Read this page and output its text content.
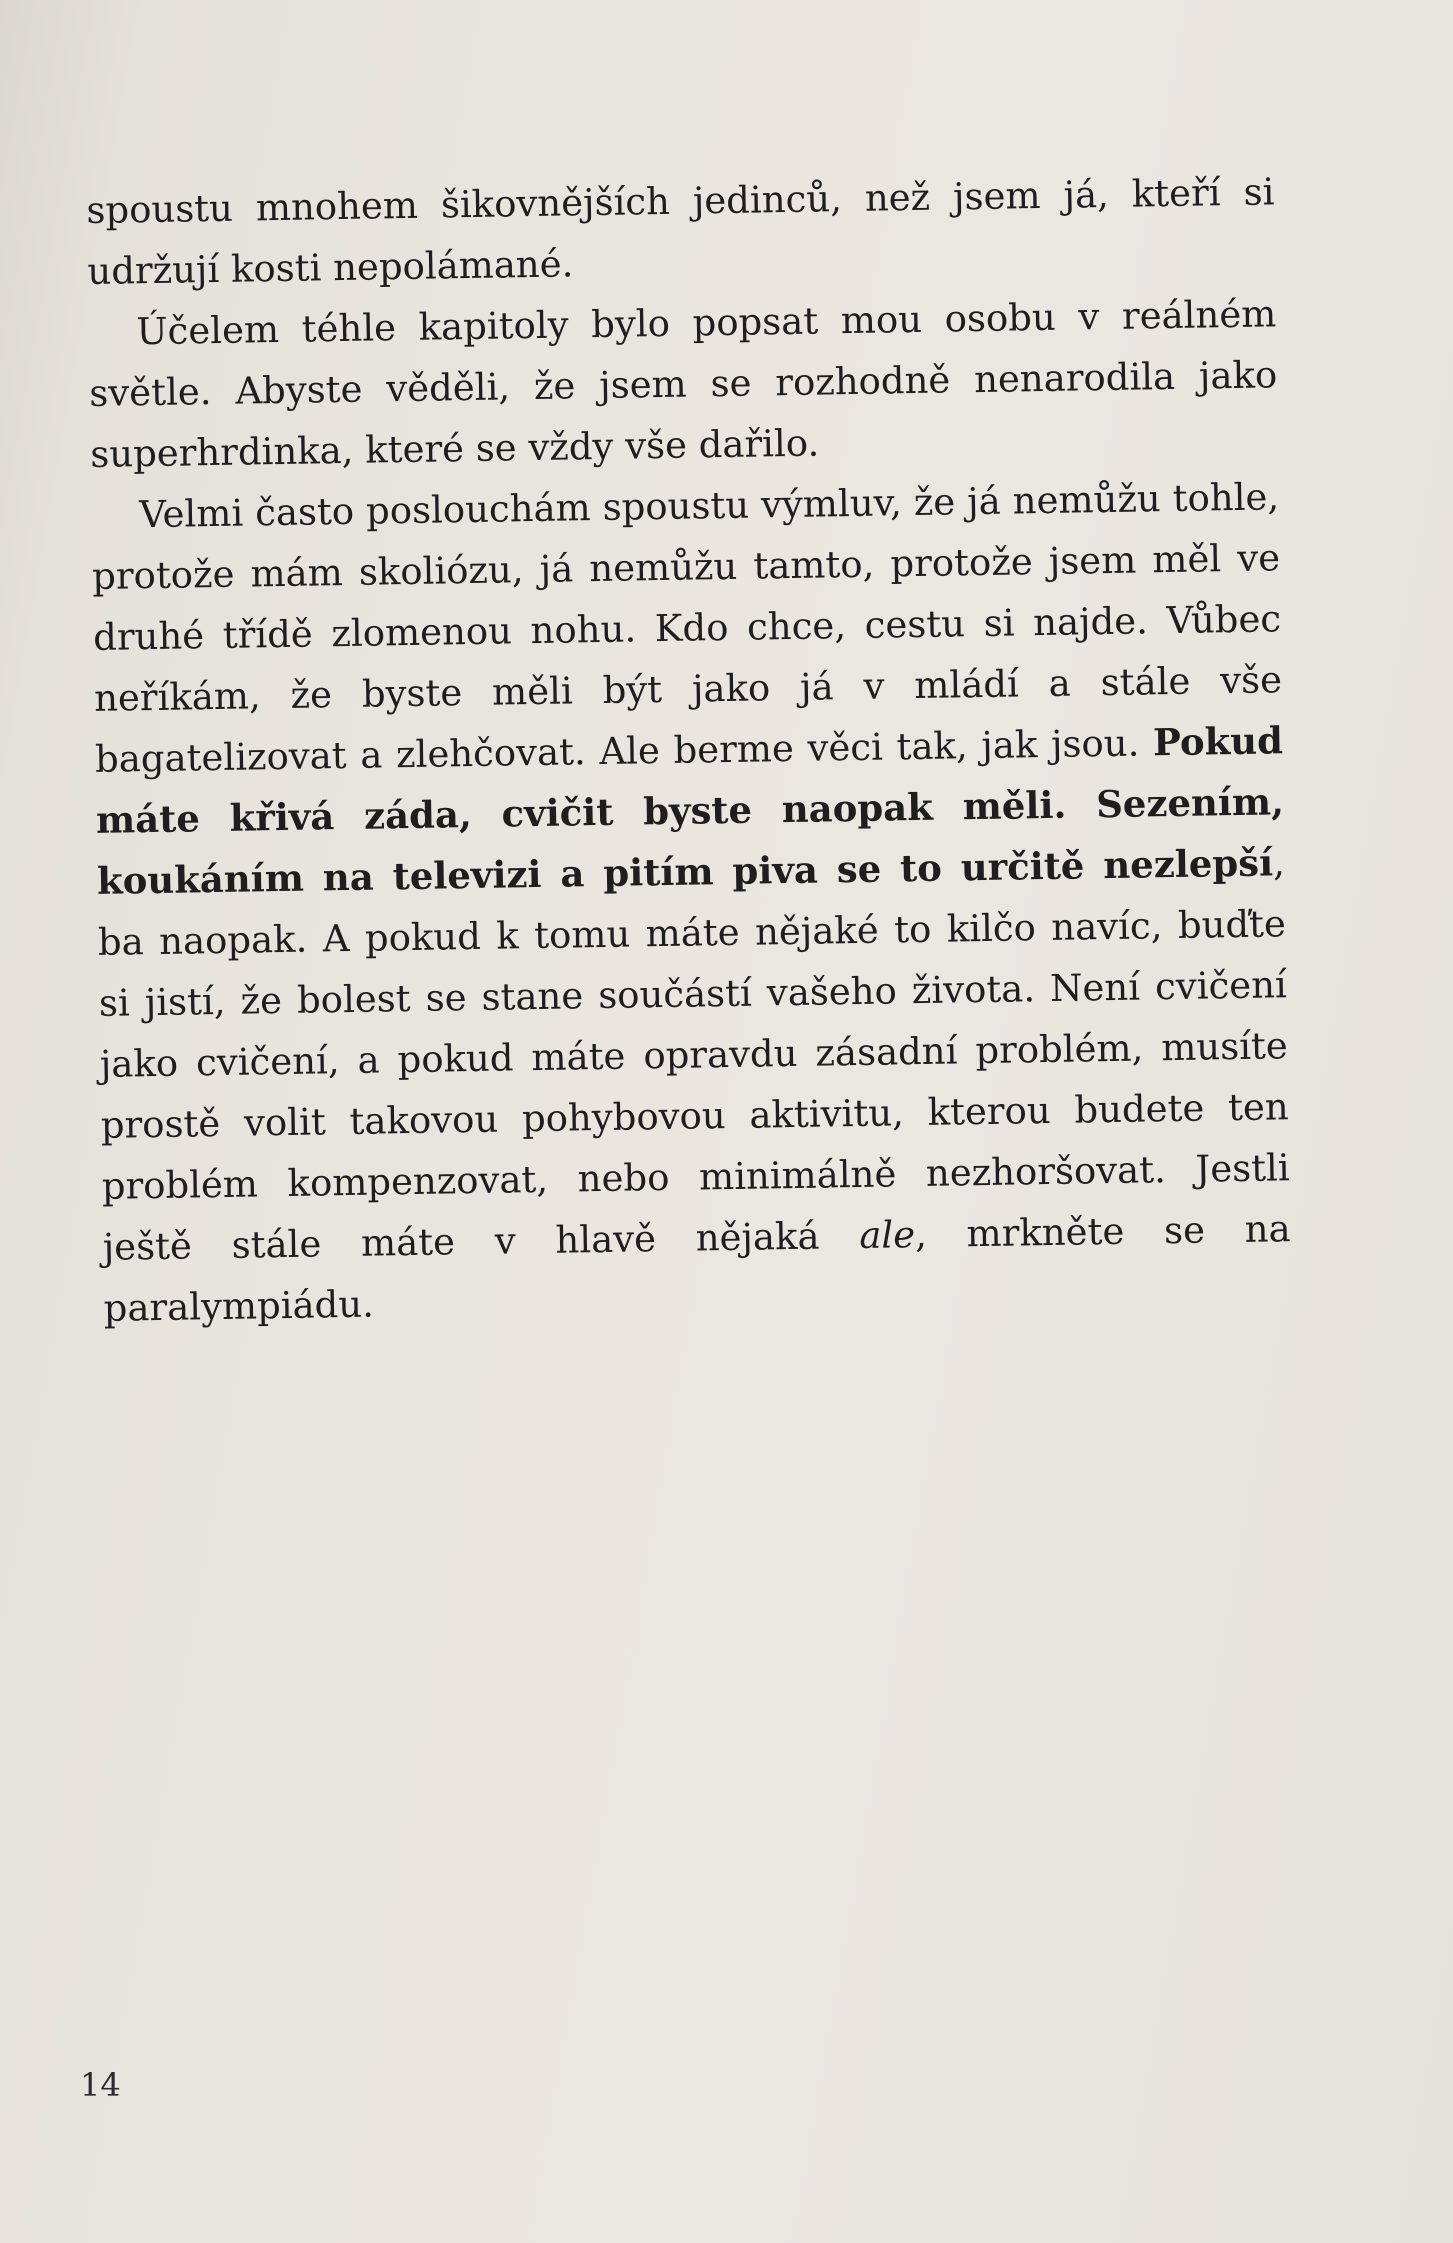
spoustu mnohem šikovnějších jedinců, než jsem já, kteří si udržují kosti nepolámané.

Účelem téhle kapitoly bylo popsat mou osobu v reálném světle. Abyste věděli, že jsem se rozhodně nenarodila jako superhrdinka, které se vždy vše dařilo.

Velmi často poslouchám spoustu výmluv, že já nemůžu tohle, protože mám skoliózu, já nemůžu tamto, protože jsem měl ve druhé třídě zlomenou nohu. Kdo chce, cestu si najde. Vůbec neříkám, že byste měli být jako já v mládí a stále vše bagatelizovat a zlehčovat. Ale berme věci tak, jak jsou. Pokud máte křivá záda, cvičit byste naopak měli. Sezením, koukáním na televizi a pitím piva se to určitě nezlepší, ba naopak. A pokud k tomu máte nějaké to kilčo navíc, buďte si jistí, že bolest se stane součástí vašeho života. Není cvičení jako cvičení, a pokud máte opravdu zásadní problém, musíte prostě volit takovou pohybovou aktivitu, kterou budete ten problém kompenzovat, nebo minimálně nezhoršovat. Jestli ještě stále máte v hlavě nějaká ale, mrkněte se na paralympiádu.

14
